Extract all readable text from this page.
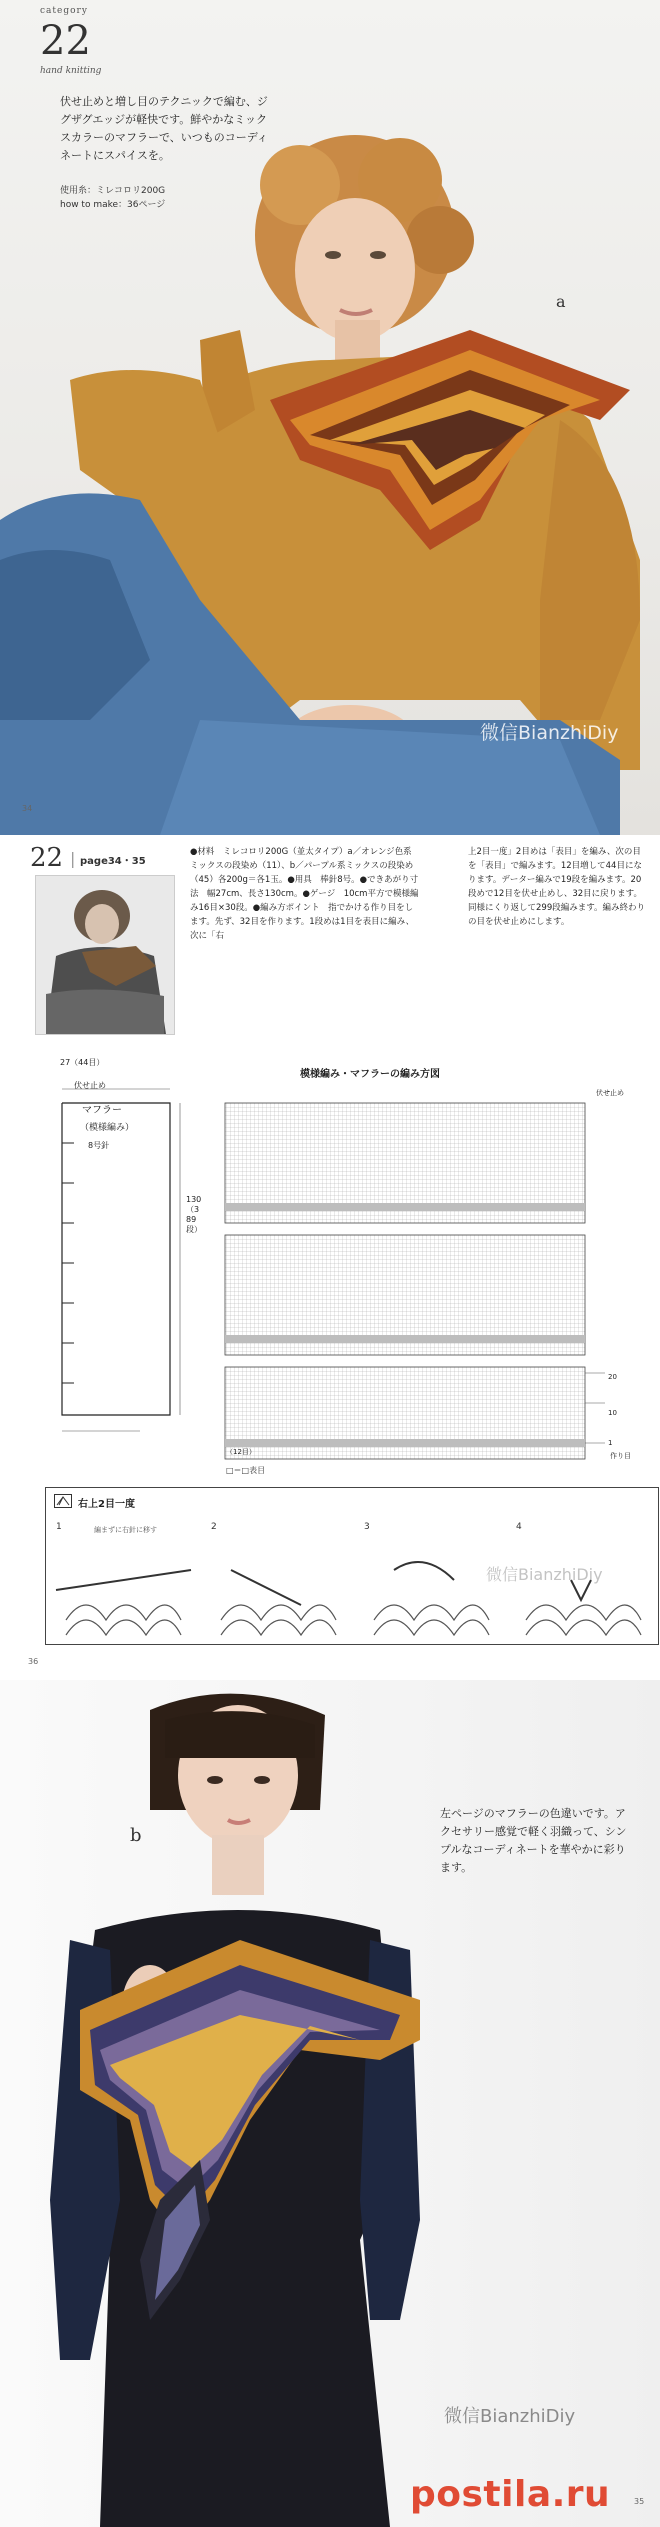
category
22
hand knitting
伏せ止めと増し目のテクニックで編む、ジグザグエッジが軽快です。鮮やかなミックスカラーのマフラーで、いつものコーディネートにスパイスを。
使用糸：ミレコロリ200G
how to make：36ページ
a
微信BianzhiDiy
34
22 | page34・35
●材料　ミレコロリ200G（並太タイプ）a／オレンジ色系ミックスの段染め（11）、b／パープル系ミックスの段染め（45）各200g＝各1玉。●用具　棒針8号。●できあがり寸法　幅27cm、長さ130cm。●ゲージ　10cm平方で模様編み16目×30段。●編み方ポイント　指でかける作り目をします。先ず、32目を作ります。1段めは1目を表目に編み、次に「右
上2目一度」2目めは「表目」を編み、次の目を「表目」で編みます。12目増して44目になります。データー編みで19段を編みます。20段めで12目を伏せ止めし、32目に戻ります。同様にくり返して299段編みます。編み終わりの目を伏せ止めにします。
27（44目）
伏せ止め
マフラー
（模様編み）
8号針
130（389段）
模様編み・マフラーの編み方図
伏せ止め
作り目
（12目）
20
10
1
□＝□表目
右上2目一度
1	2	3	4
編まずに右針に移す
微信BianzhiDiy
36
b
左ページのマフラーの色違いです。アクセサリー感覚で軽く羽織って、シンプルなコーディネートを華やかに彩ります。
微信BianzhiDiy
35
postila.ru
